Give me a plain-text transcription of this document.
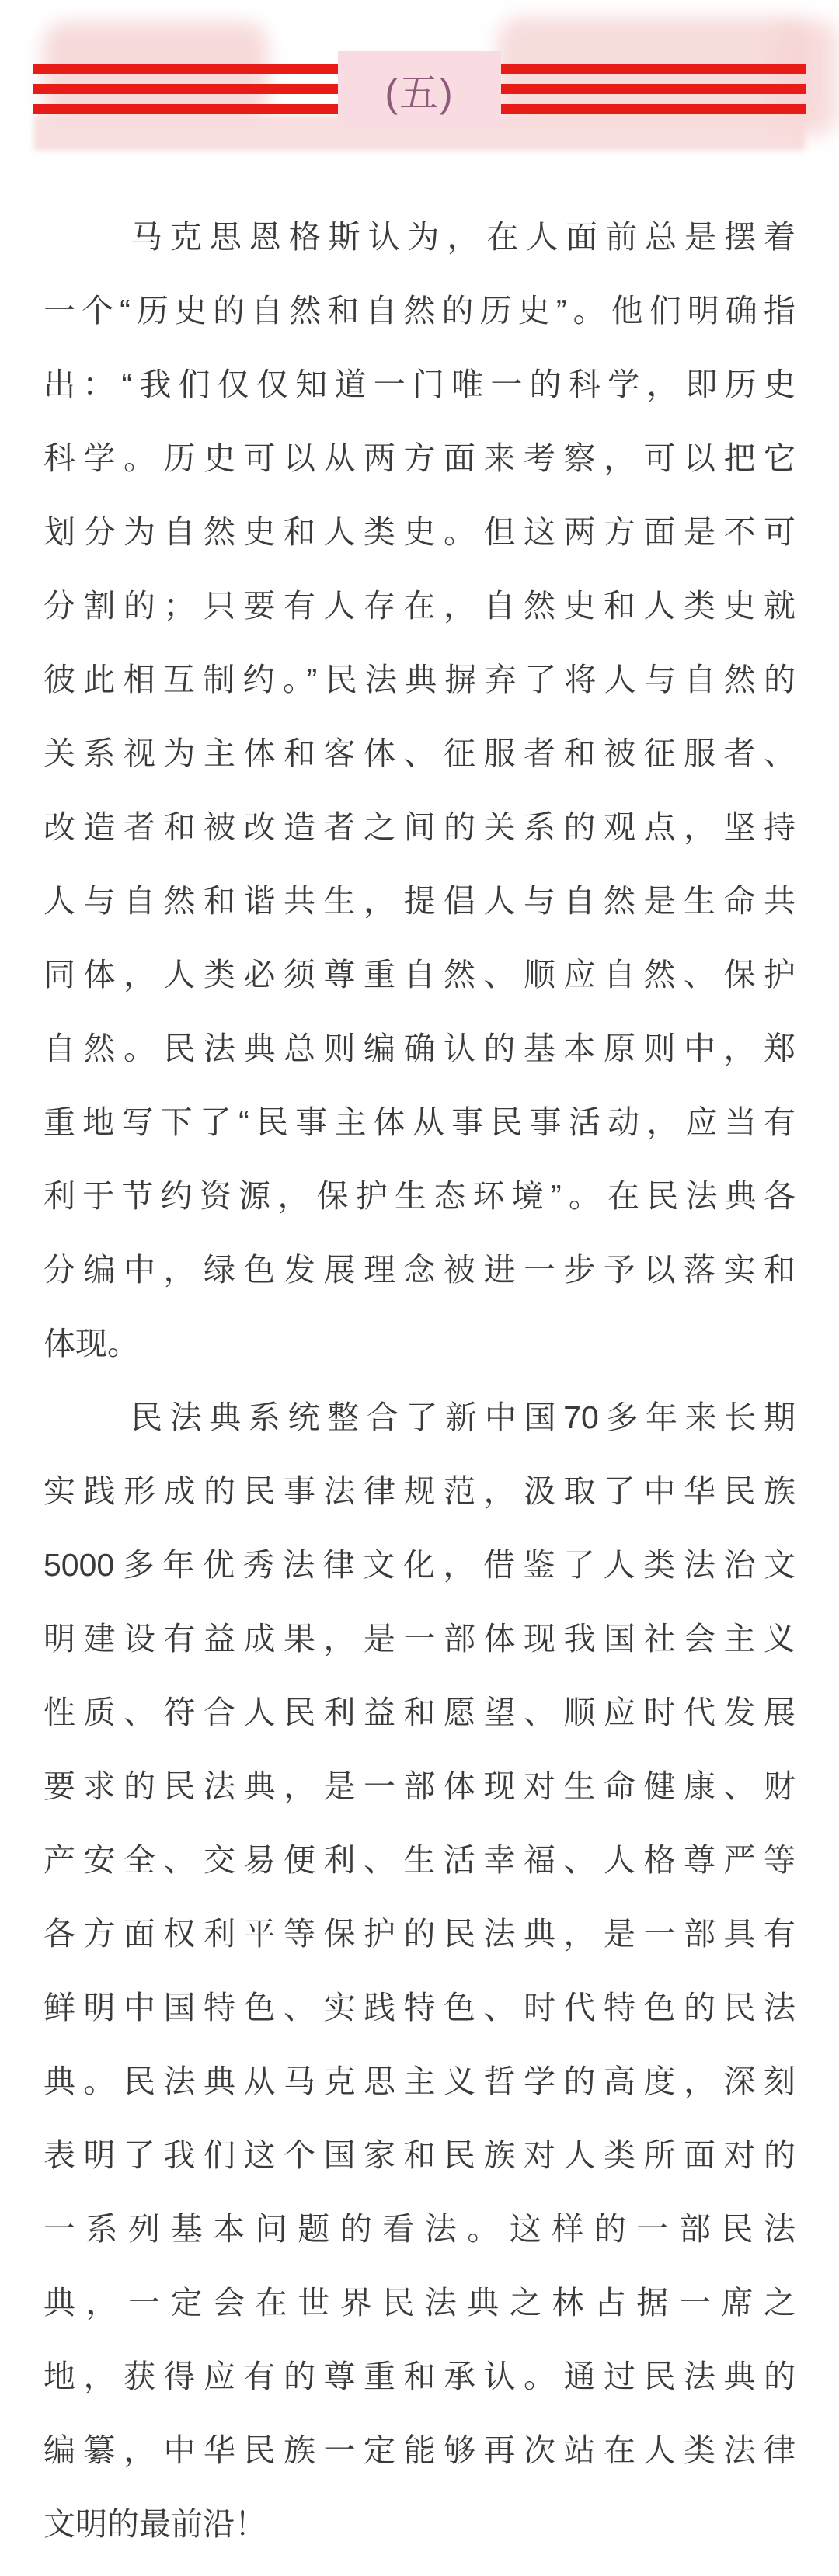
(五)
马克思恩格斯认为，在人面前总是摆着
一个“历史的自然和自然的历史”。他们明确指
出：“我们仅仅知道一门唯一的科学，即历史
科学。历史可以从两方面来考察，可以把它
划分为自然史和人类史。但这两方面是不可
分割的；只要有人存在，自然史和人类史就
彼此相互制约。”民法典摒弃了将人与自然的
关系视为主体和客体、征服者和被征服者、
改造者和被改造者之间的关系的观点，坚持
人与自然和谐共生，提倡人与自然是生命共
同体，人类必须尊重自然、顺应自然、保护
自然。民法典总则编确认的基本原则中，郑
重地写下了“民事主体从事民事活动，应当有
利于节约资源，保护生态环境”。在民法典各
分编中，绿色发展理念被进一步予以落实和
体现。
民法典系统整合了新中国70多年来长期
实践形成的民事法律规范，汲取了中华民族
5000多年优秀法律文化，借鉴了人类法治文
明建设有益成果，是一部体现我国社会主义
性质、符合人民利益和愿望、顺应时代发展
要求的民法典，是一部体现对生命健康、财
产安全、交易便利、生活幸福、人格尊严等
各方面权利平等保护的民法典，是一部具有
鲜明中国特色、实践特色、时代特色的民法
典。民法典从马克思主义哲学的高度，深刻
表明了我们这个国家和民族对人类所面对的
一系列基本问题的看法。这样的一部民法
典，一定会在世界民法典之林占据一席之
地，获得应有的尊重和承认。通过民法典的
编纂，中华民族一定能够再次站在人类法律
文明的最前沿！
